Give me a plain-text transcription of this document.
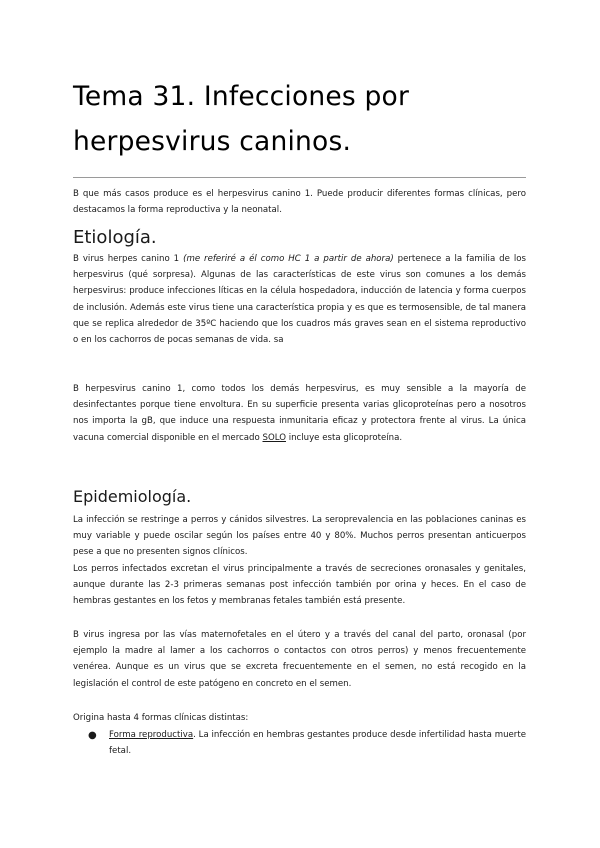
Tema 31. Infecciones por
herpesvirus caninos.

B que más casos produce es el herpesvirus canino 1. Puede producir diferentes formas clínicas, pero destacamos la forma reproductiva y la neonatal.

Etiología.

B virus herpes canino 1 (me referiré a él como HC 1 a partir de ahora) pertenece a la familia de los herpesvirus (qué sorpresa). Algunas de las características de este virus son comunes a los demás herpesvirus: produce infecciones líticas en la célula hospedadora, inducción de latencia y forma cuerpos de inclusión. Además este virus tiene una característica propia y es que es termosensible, de tal manera que se replica alrededor de 35ºC haciendo que los cuadros más graves sean en el sistema reproductivo o en los cachorros de pocas semanas de vida. sa

B herpesvirus canino 1, como todos los demás herpesvirus, es muy sensible a la mayoría de desinfectantes porque tiene envoltura. En su superficie presenta varias glicoproteínas pero a nosotros nos importa la gB, que induce una respuesta inmunitaria eficaz y protectora frente al virus. La única vacuna comercial disponible en el mercado SOLO incluye esta glicoproteína.

Epidemiología.

La infección se restringe a perros y cánidos silvestres. La seroprevalencia en las poblaciones caninas es muy variable y puede oscilar según los países entre 40 y 80%. Muchos perros presentan anticuerpos pese a que no presenten signos clínicos.

Los perros infectados excretan el virus principalmente a través de secreciones oronasales y genitales, aunque durante las 2-3 primeras semanas post infección también por orina y heces. En el caso de hembras gestantes en los fetos y membranas fetales también está presente.

B virus ingresa por las vías maternofetales en el útero y a través del canal del parto, oronasal (por ejemplo la madre al lamer a los cachorros o contactos con otros perros) y menos frecuentemente venérea. Aunque es un virus que se excreta frecuentemente en el semen, no está recogido en la legislación el control de este patógeno en concreto en el semen.

Origina hasta 4 formas clínicas distintas:

● Forma reproductiva. La infección en hembras gestantes produce desde infertilidad hasta muerte fetal.
